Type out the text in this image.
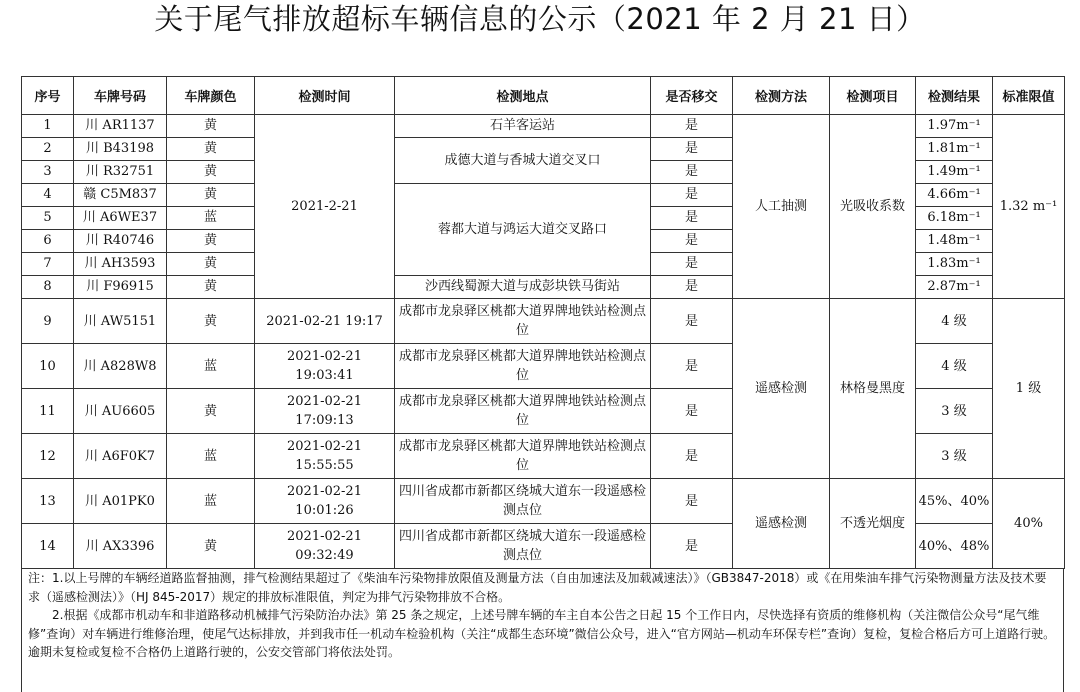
关于尾气排放超标车辆信息的公示（2021 年 2 月 21 日）
序号	车牌号码	车牌颜色	检测时间	检测地点	是否移交	检测方法	检测项目	检测结果	标准限值
1	川 AR1137	黄	2021-2-21	石羊客运站	是	人工抽测	光吸收系数	1.97m⁻¹	1.32 m⁻¹
2	川 B43198	黄		成德大道与香城大道交叉口	是			1.81m⁻¹	
3	川 R32751	黄			是			1.49m⁻¹	
4	赣 C5M837	黄		蓉都大道与鸿运大道交叉路口	是			4.66m⁻¹	
5	川 A6WE37	蓝			是			6.18m⁻¹	
6	川 R40746	黄			是			1.48m⁻¹	
7	川 AH3593	黄			是			1.83m⁻¹	
8	川 F96915	黄		沙西线蜀源大道与成彭块铁马街站	是			2.87m⁻¹	
9	川 AW5151	黄	2021-02-21 19:17	成都市龙泉驿区桃都大道界牌地铁站检测点位	是	遥感检测	林格曼黑度	4 级	1 级
10	川 A828W8	蓝	2021-02-21 19:03:41	成都市龙泉驿区桃都大道界牌地铁站检测点位	是			4 级	
11	川 AU6605	黄	2021-02-21 17:09:13	成都市龙泉驿区桃都大道界牌地铁站检测点位	是			3 级	
12	川 A6F0K7	蓝	2021-02-21 15:55:55	成都市龙泉驿区桃都大道界牌地铁站检测点位	是			3 级	
13	川 A01PK0	蓝	2021-02-21 10:01:26	四川省成都市新都区绕城大道东一段遥感检测点位	是	遥感检测	不透光烟度	45%、40%	40%
14	川 AX3396	黄	2021-02-21 09:32:49	四川省成都市新都区绕城大道东一段遥感检测点位	是			40%、48%	

注：1.以上号牌的车辆经道路监督抽测，排气检测结果超过了《柴油车污染物排放限值及测量方法（自由加速法及加载减速法）》（GB3847-2018）或《在用柴油车排气污染物测量方法及技术要求（遥感检测法）》（HJ 845-2017）规定的排放标准限值，判定为排气污染物排放不合格。

2.根据《成都市机动车和非道路移动机械排气污染防治办法》第 25 条之规定，上述号牌车辆的车主自本公告之日起 15 个工作日内，尽快选择有资质的维修机构（关注微信公众号“尾气维修”查询）对车辆进行维修治理，使尾气达标排放，并到我市任一机动车检验机构（关注“成都生态环境”微信公众号，进入“官方网站—机动车环保专栏”查询）复检，复检合格后方可上道路行驶。逾期未复检或复检不合格仍上道路行驶的，公安交管部门将依法处罚。
